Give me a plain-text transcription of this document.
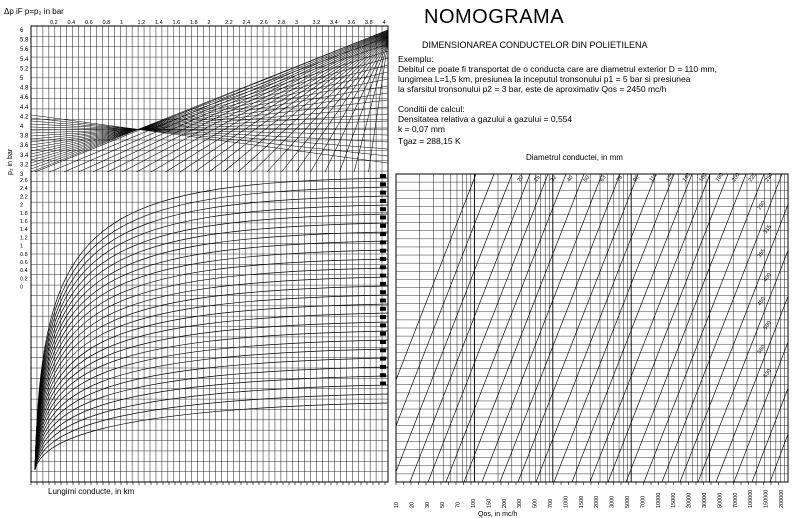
0.2 0.4 0.6 0.8 1	1.2 1.4 1.6 1.8 2	2.2 2.4 2.6 2.8 3	3.2 3.4 3.6 3.8 4
6
5.8
5.6
5.4
5.2
5
4.8
4.6
4.4
4.2
4
3.8
3.6
3.4
3.2
3
2.6
2.4
2.2
2
1.8
1.6
1.4
1.2
1
0.8
0.6
0.4
0.2
0
Δp iF p=p₂ in bar
p₂ in bar
Lungimi conducte, in km
20 25 32 40 50 63 75 90 110 125 140 160 180 200 225 250
280
315
355
400
450
500
560
630
Diametrul conductei, in mm
10 20 30 50 70 100 150 200 300 500 700 1000 1500 2000 3000 5000 7000 10000 15000 20000 30000 50000 70000 100000 150000 200000
Qos, in mc/h
NOMOGRAMA
DIMENSIONAREA CONDUCTELOR DIN POLIETILENA
Exemplu:
Debitul ce poate fi transportat de o conducta care are diametrul exterior D = 110 mm,
lungimea L=1,5 km, presiunea la inceputul tronsonului p1 = 5 bar si presiunea
la sfarsitul tronsonului p2 = 3 bar, este de aproximativ Qos = 2450 mc/h
Conditii de calcul:
Densitatea relativa a gazului a gazului = 0,554
k = 0,07 mm
Tgaz = 288,15 K
